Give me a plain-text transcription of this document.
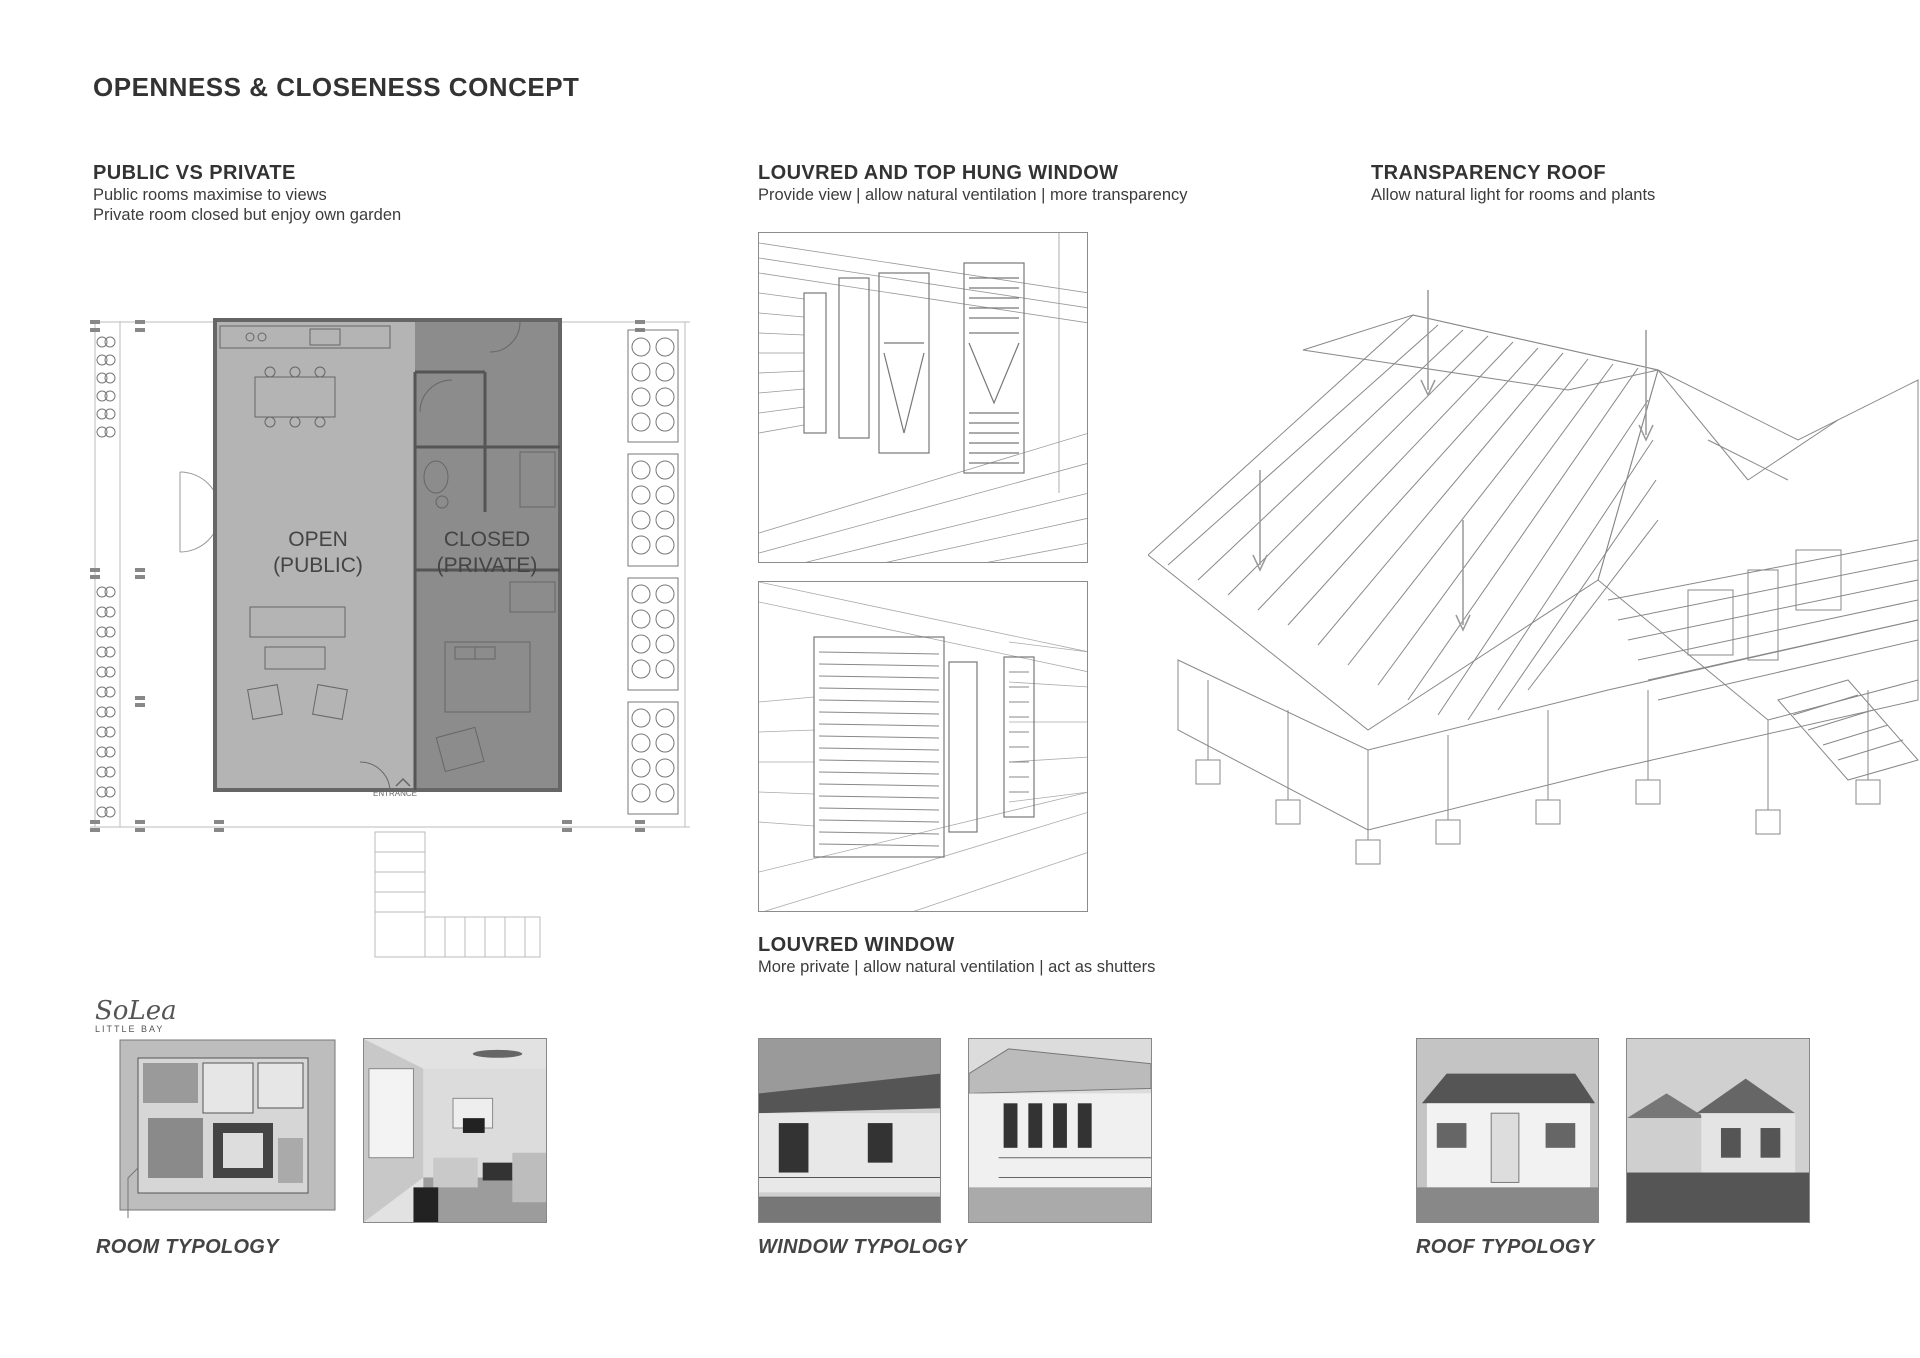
OPENNESS & CLOSENESS CONCEPT
PUBLIC VS PRIVATE
Public rooms maximise to views
Private room closed but enjoy own garden
LOUVRED AND TOP HUNG WINDOW
Provide view | allow natural ventilation | more transparency
TRANSPARENCY ROOF
Allow natural light for rooms and plants
OPEN
(PUBLIC)
CLOSED
(PRIVATE)
ENTRANCE
LOUVRED WINDOW
More private | allow natural ventilation | act as shutters
SoLea
LITTLE BAY
ROOM TYPOLOGY	WINDOW TYPOLOGY	ROOF TYPOLOGY
